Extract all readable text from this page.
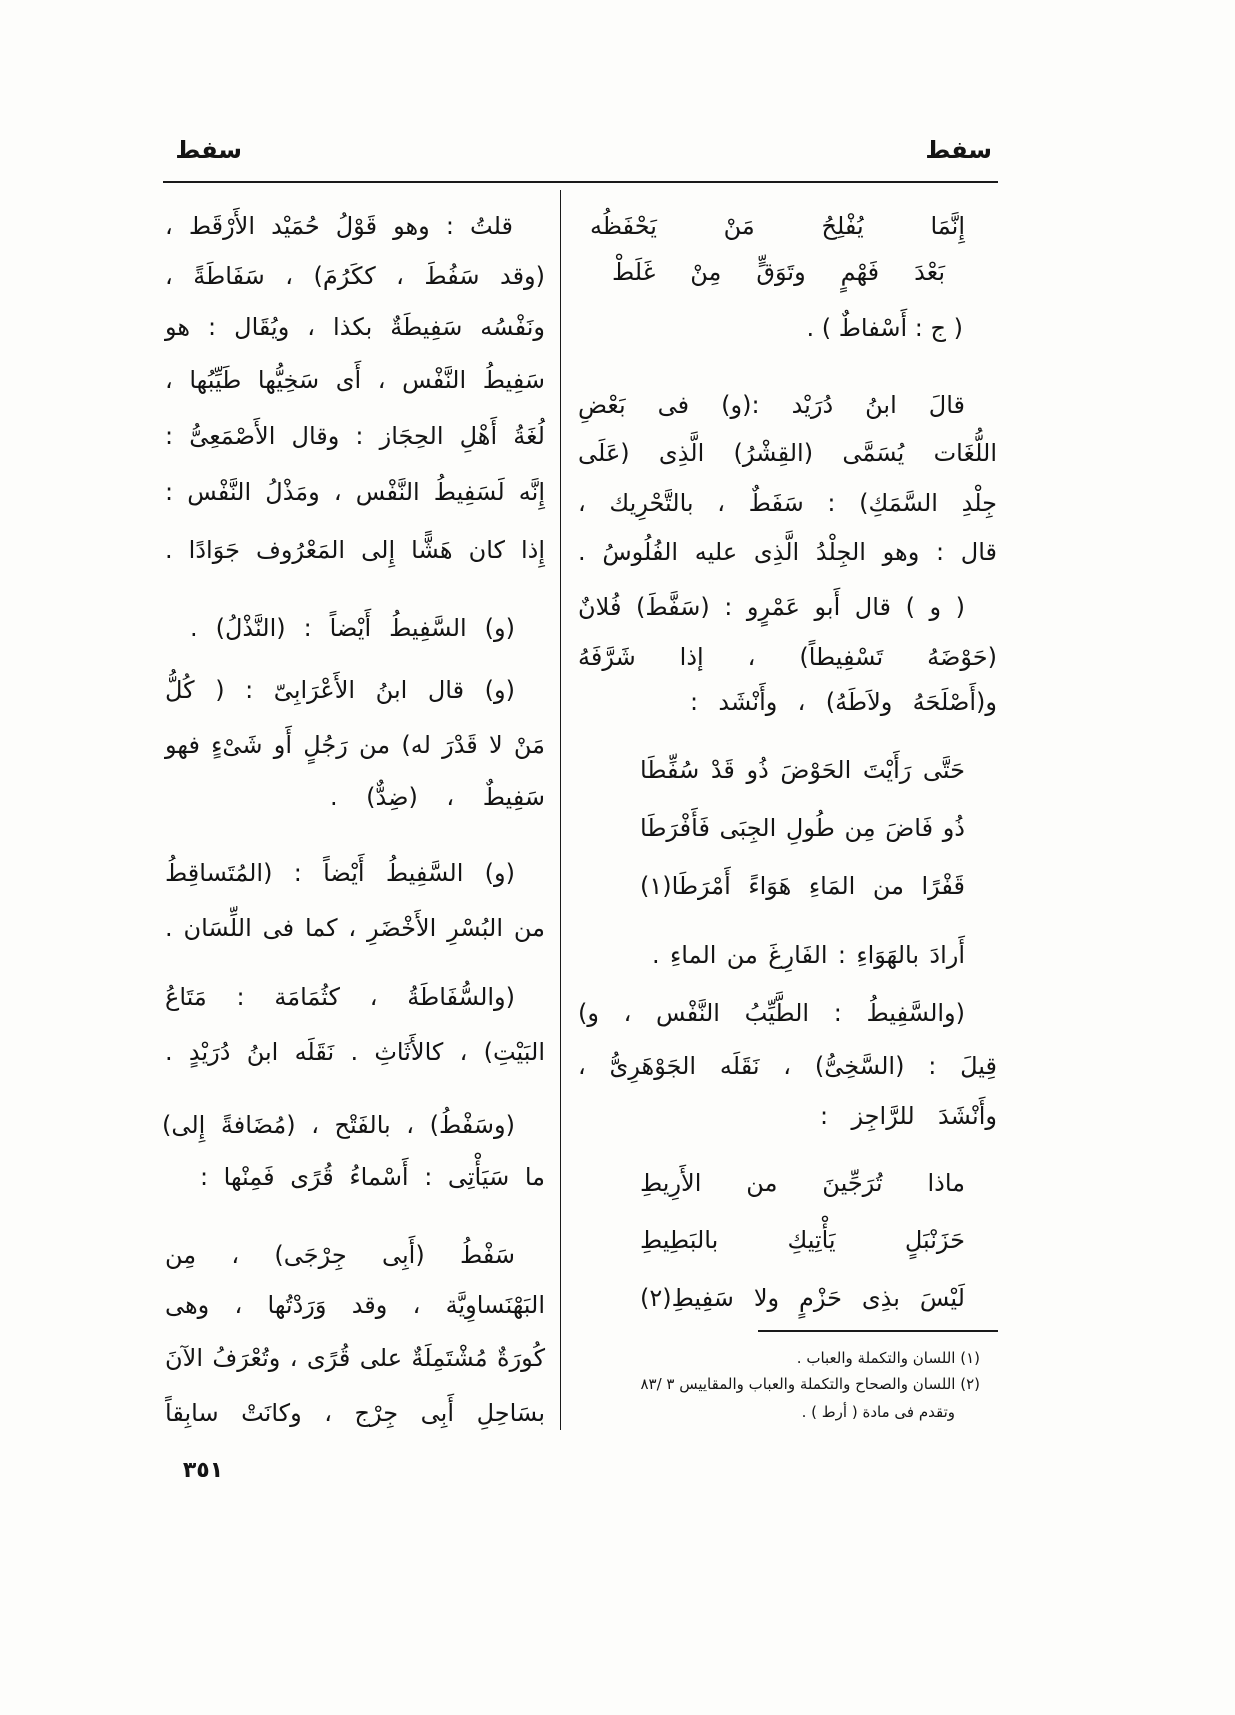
سفط
سفط
إِنَّمَا يُفْلِحُ مَنْ يَحْفَظُه
بَعْدَ فَهْمٍ وتَوَقٍّ مِنْ غَلَطْ
( ج : أَسْفاطٌ ) .
قالَ ابنُ دُرَيْد :(و) فى بَعْضِ
اللُّغَات يُسَمَّى (القِشْرُ) الَّذِى (عَلَى
جِلْدِ السَّمَكِ) : سَفَطٌ ، بالتَّحْرِيك ،
قال : وهو الجِلْدُ الَّذِى عليه الفُلُوسُ .
( و ) قال أَبو عَمْرٍو : (سَفَّطَ) فُلانٌ
(حَوْضَهُ تَسْفِيطاً) ، إذا شَرَّفَهُ
و(أَصْلَحَهُ ولاَطَهُ) ، وأَنْشَد :
حَتَّى رَأَيْتَ الحَوْضَ ذُو قَدْ سُفِّطَا
ذُو فَاضَ مِن طُولِ الجِبَى فَأَفْرَطَا
قَفْرًا من المَاءِ هَوَاءً أَمْرَطَا(١)
أَرادَ بالهَوَاءِ : الفَارِغَ من الماءِ .
(والسَّفِيطُ : الطَّيِّبُ النَّفْس ، و)
قِيلَ : (السَّخِىُّ) ، نَقَلَه الجَوْهَرِىُّ ،
وأَنْشَدَ للرَّاجِز :
ماذا تُرَجِّينَ من الأَرِيطِ
حَزَنْبَلٍ يَأْتِيكِ بالبَطِيطِ
لَيْسَ بذِى حَزْمٍ ولا سَفِيطِ(٢)
(١) اللسان والتكملة والعباب .
(٢) اللسان والصحاح والتكملة والعباب والمقاييس ٣ /٨٣
وتقدم فى مادة ( أرط ) .
قلتُ : وهو قَوْلُ حُمَيْد الأَرْقَط ،
(وقد سَفُطَ ، ككَرُمَ) ، سَفَاطَةً ،
ونَفْسُه سَفِيطَةٌ بكذا ، ويُقَال : هو
سَفِيطُ النَّفْس ، أَى سَخِيُّها طَيِّبُها ،
لُغَةُ أَهْلِ الحِجَاز : وقال الأَصْمَعِىُّ :
إِنَّه لَسَفِيطُ النَّفْس ، ومَذْلُ النَّفْس :
إِذا كان هَشًّا إِلى المَعْرُوف جَوَادًا .
(و) السَّفِيطُ أَيْضاً : (النَّذْلُ) .
(و) قال ابنُ الأَعْرَابِىّ : ( كُلُّ
مَنْ لا قَدْرَ له) من رَجُلٍ أَو شَىْءٍ فهو
سَفِيطٌ ، (ضِدٌّ) .
(و) السَّفِيطُ أَيْضاً : (المُتَساقِطُ
من البُسْرِ الأَخْضَرِ ، كما فى اللِّسَان .
(والسُّفَاطَةُ ، كثُمَامَة : مَتَاعُ
البَيْتِ) ، كالأَثَاثِ . نَقَلَه ابنُ دُرَيْدٍ .
(وسَفْطُ) ، بالفَتْح ، (مُضَافةً إِلى)
ما سَيَأْتِى : أَسْماءُ قُرًى فَمِنْها :
سَفْطُ (أَبِى جِرْجَى) ، مِن
البَهْنَساوِيَّة ، وقد وَرَدْتُها ، وهى
كُورَةٌ مُشْتَمِلَةٌ على قُرًى ، وتُعْرَفُ الآنَ
بسَاحِلِ أَبِى جِرْج ، وكانَتْ سابِقاً
٣٥١
